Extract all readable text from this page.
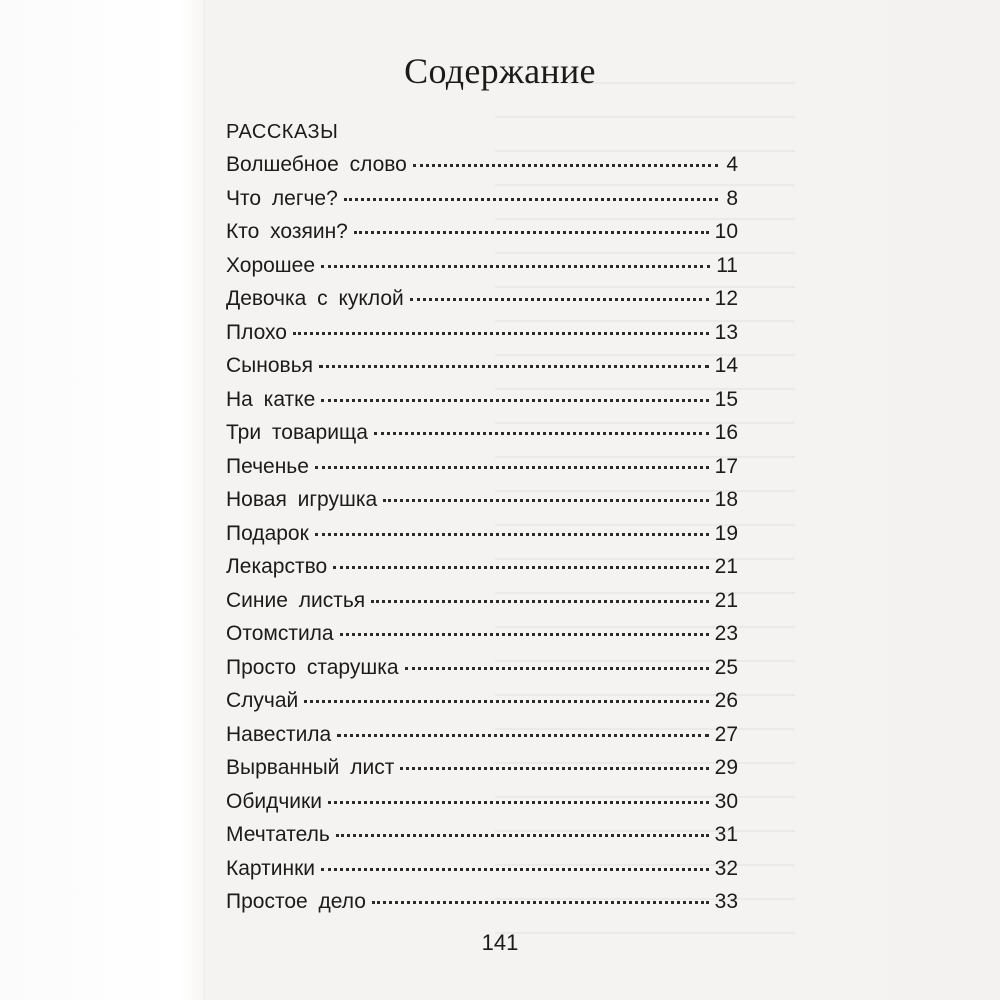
Содержание
РАССКАЗЫ
Волшебное слово	4
Что легче?	8
Кто хозяин?	10
Хорошее	11
Девочка с куклой	12
Плохо	13
Сыновья	14
На катке	15
Три товарища	16
Печенье	17
Новая игрушка	18
Подарок	19
Лекарство	21
Синие листья	21
Отомстила	23
Просто старушка	25
Случай	26
Навестила	27
Вырванный лист	29
Обидчики	30
Мечтатель	31
Картинки	32
Простое дело	33
141
